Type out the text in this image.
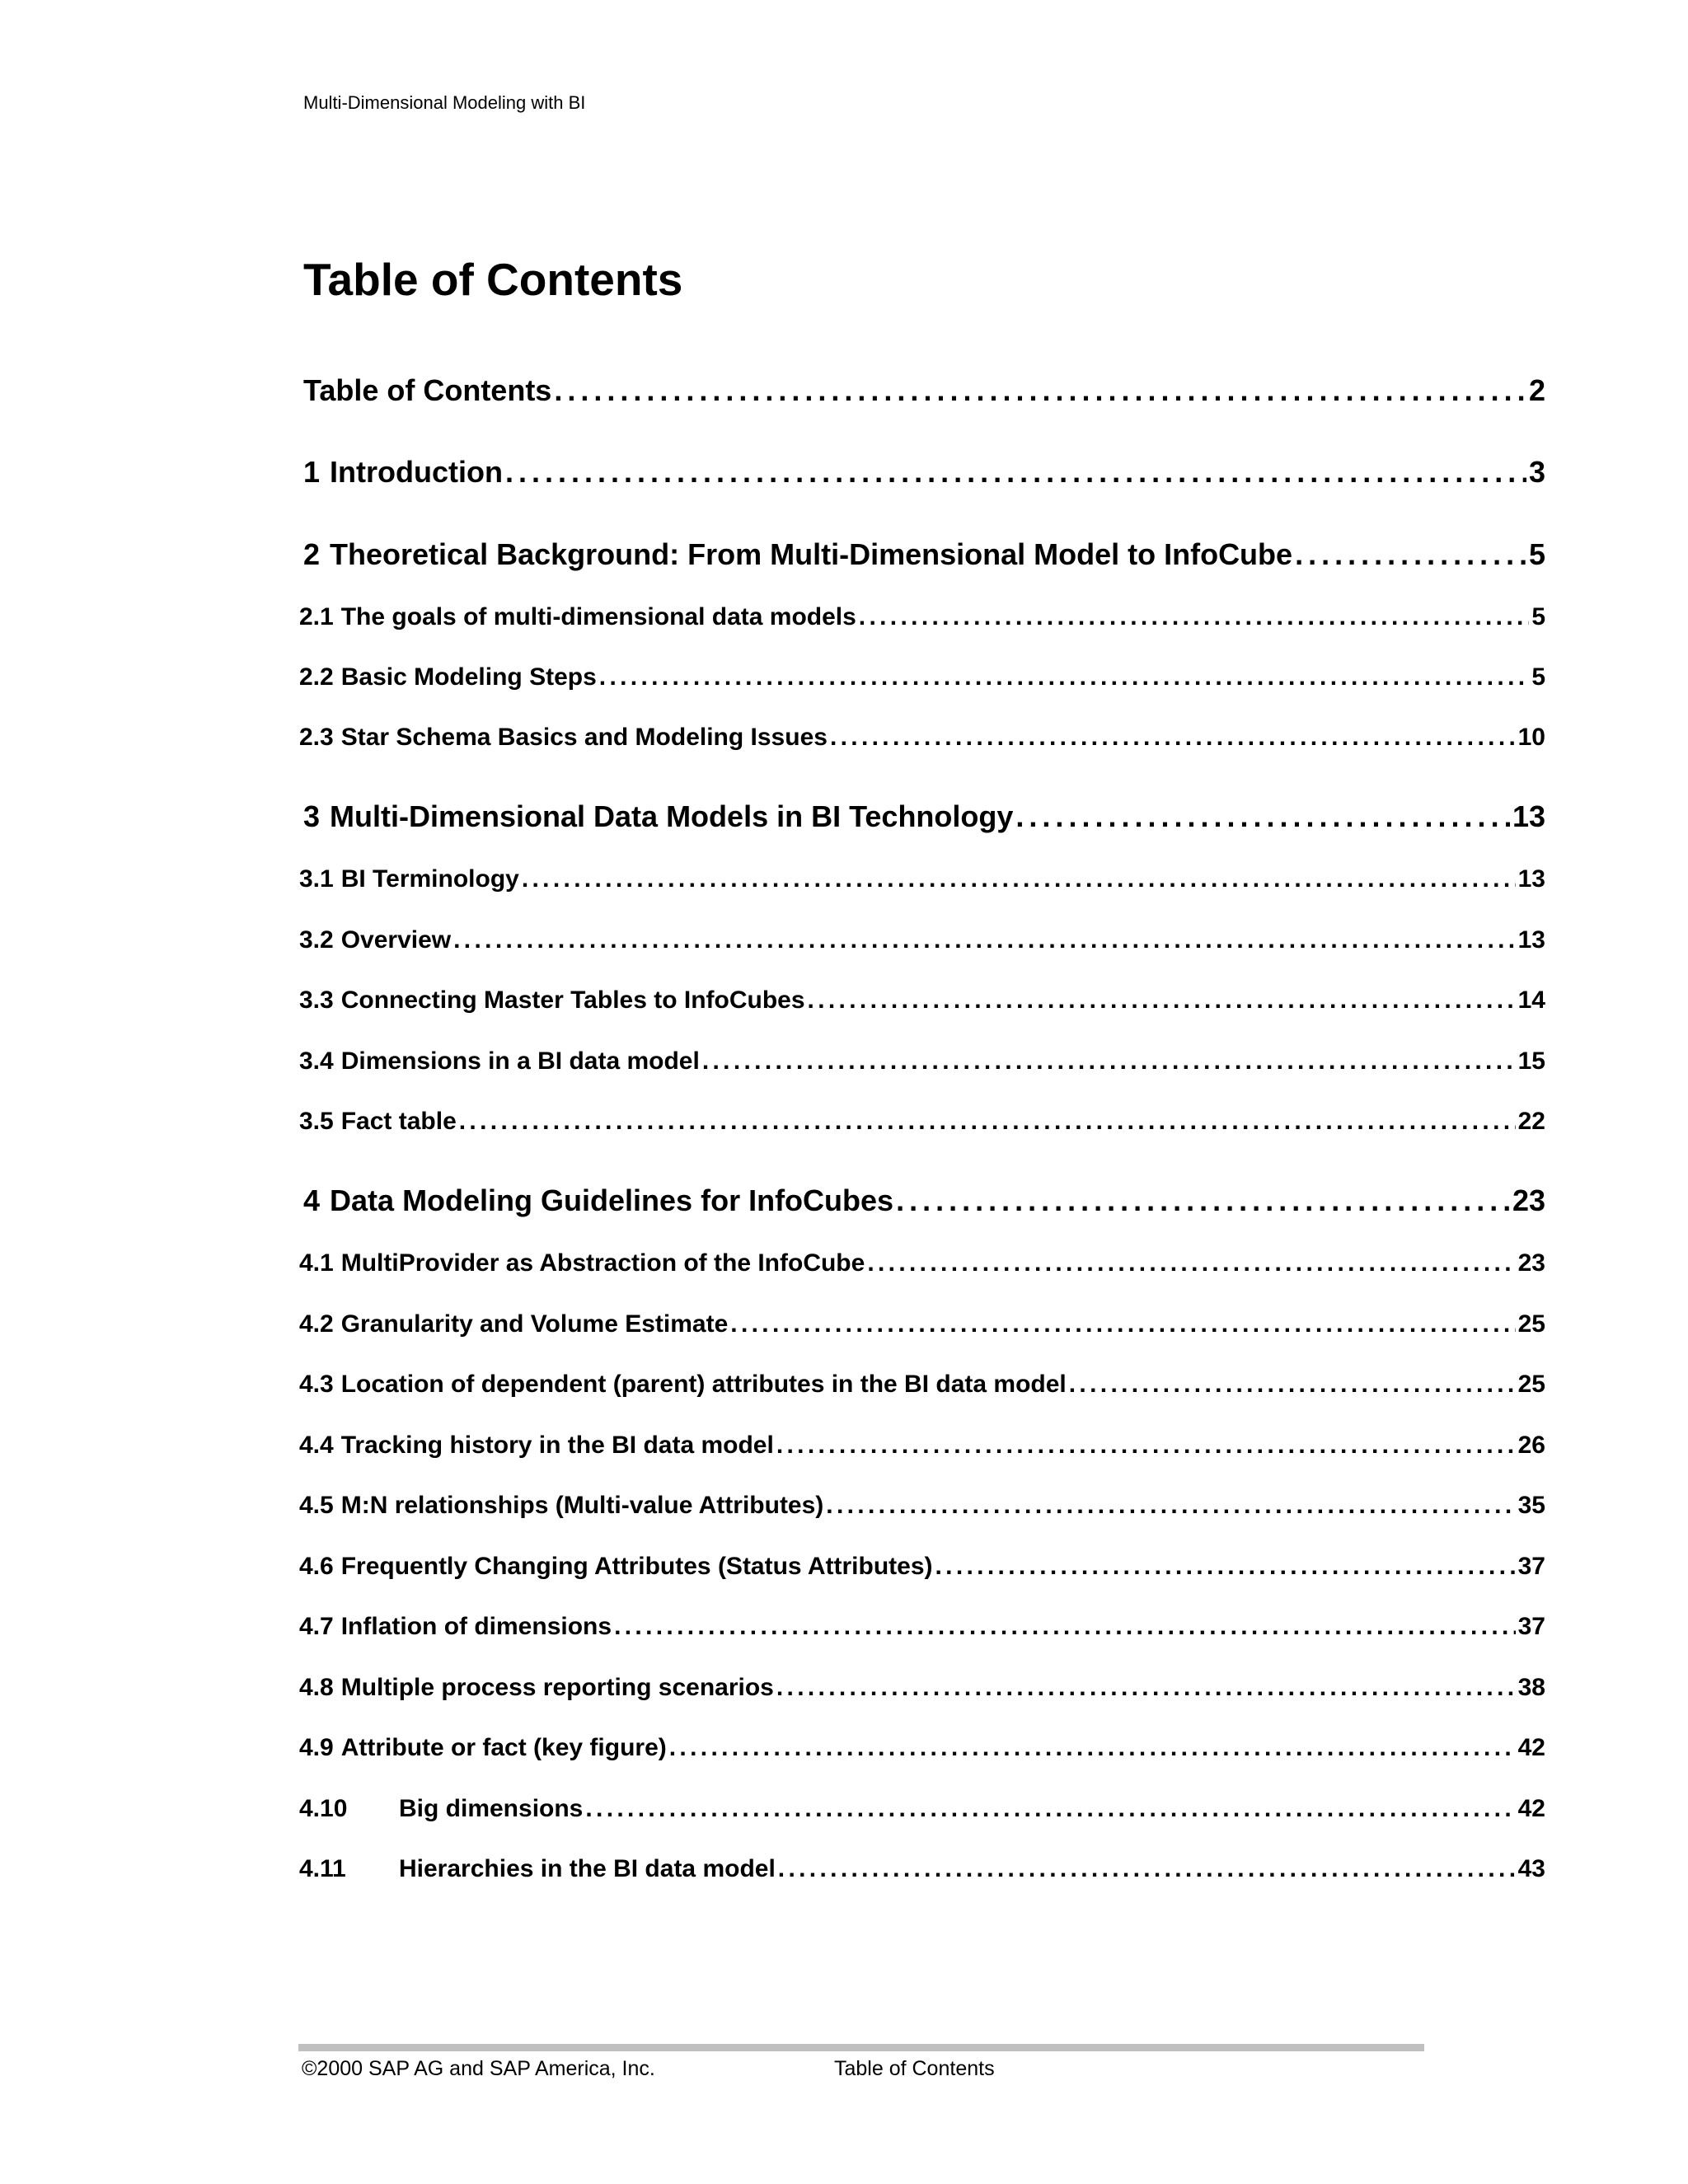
Multi-Dimensional Modeling with BI
Table of Contents
Table of Contents . . .	2
1 Introduction . . .	3
2 Theoretical Background: From Multi-Dimensional Model to InfoCube . . .	5
2.1 The goals of multi-dimensional data models . . .	5
2.2 Basic Modeling Steps . . .	5
2.3 Star Schema Basics and Modeling Issues . . .	10
3 Multi-Dimensional Data Models in BI Technology . . .	13
3.1 BI Terminology . . .	13
3.2 Overview . . .	13
3.3 Connecting Master Tables to InfoCubes . . .	14
3.4 Dimensions in a BI data model . . .	15
3.5 Fact table . . .	22
4 Data Modeling Guidelines for InfoCubes . . .	23
4.1 MultiProvider as Abstraction of the InfoCube . . .	23
4.2 Granularity and Volume Estimate . . .	25
4.3 Location of dependent (parent) attributes in the BI data model . . .	25
4.4 Tracking history in the BI data model . . .	26
4.5 M:N relationships (Multi-value Attributes) . . .	35
4.6 Frequently Changing Attributes (Status Attributes) . . .	37
4.7 Inflation of dimensions . . .	37
4.8 Multiple process reporting scenarios . . .	38
4.9 Attribute or fact (key figure) . . .	42
4.10	Big dimensions . . .	42
4.11	Hierarchies in the BI data model . . .	43
©2000 SAP AG and SAP America, Inc.	Table of Contents
